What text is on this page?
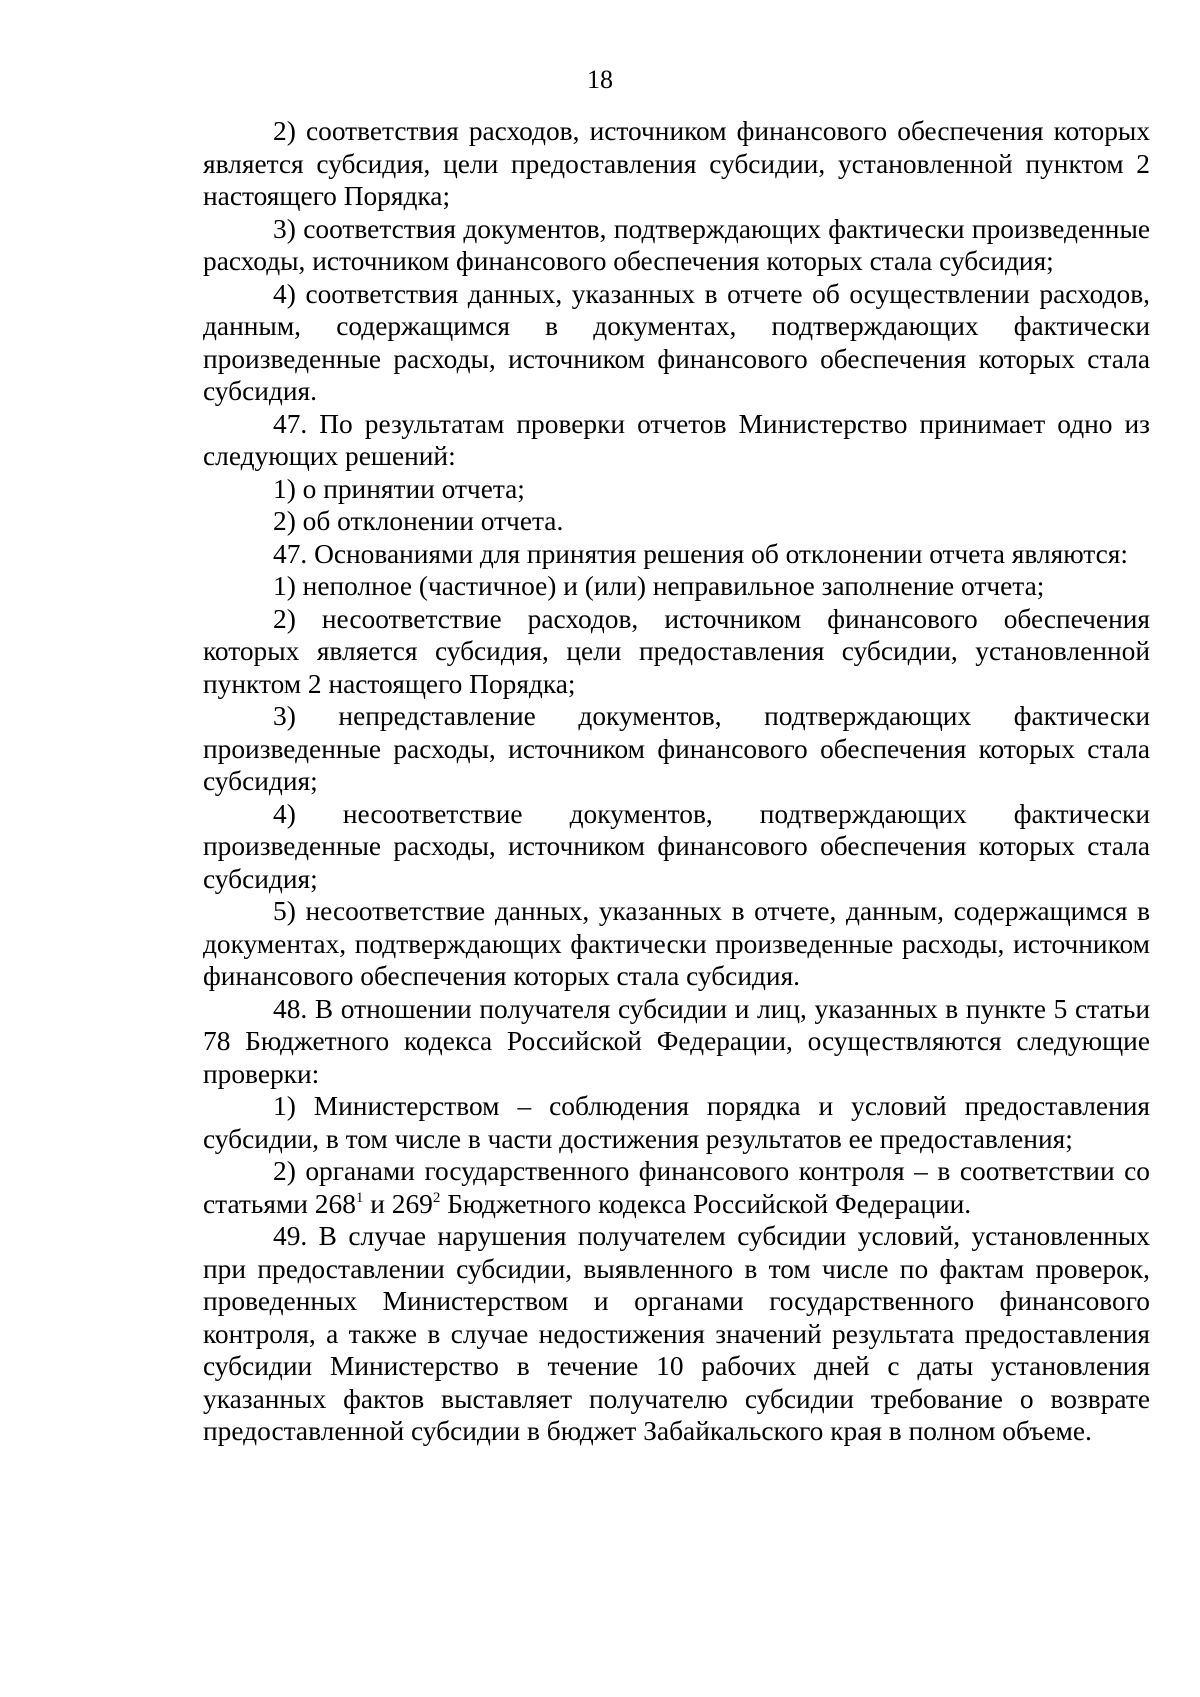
18

2) соответствия расходов, источником финансового обеспечения которых является субсидия, цели предоставления субсидии, установленной пунктом 2 настоящего Порядка;

3) соответствия документов, подтверждающих фактически произведенные расходы, источником финансового обеспечения которых стала субсидия;

4) соответствия данных, указанных в отчете об осуществлении расходов, данным, содержащимся в документах, подтверждающих фактически произведенные расходы, источником финансового обеспечения которых стала субсидия.

47. По результатам проверки отчетов Министерство принимает одно из следующих решений:

1) о принятии отчета;

2) об отклонении отчета.

47. Основаниями для принятия решения об отклонении отчета являются:

1) неполное (частичное) и (или) неправильное заполнение отчета;

2) несоответствие расходов, источником финансового обеспечения которых является субсидия, цели предоставления субсидии, установленной пунктом 2 настоящего Порядка;

3) непредставление документов, подтверждающих фактически произведенные расходы, источником финансового обеспечения которых стала субсидия;

4) несоответствие документов, подтверждающих фактически произведенные расходы, источником финансового обеспечения которых стала субсидия;

5) несоответствие данных, указанных в отчете, данным, содержащимся в документах, подтверждающих фактически произведенные расходы, источником финансового обеспечения которых стала субсидия.

48. В отношении получателя субсидии и лиц, указанных в пункте 5 статьи 78 Бюджетного кодекса Российской Федерации, осуществляются следующие проверки:

1) Министерством – соблюдения порядка и условий предоставления субсидии, в том числе в части достижения результатов ее предоставления;

2) органами государственного финансового контроля – в соответствии со статьями $268^1$ и $269^2$ Бюджетного кодекса Российской Федерации.

49. В случае нарушения получателем субсидии условий, установленных при предоставлении субсидии, выявленного в том числе по фактам проверок, проведенных Министерством и органами государственного финансового контроля, а также в случае недостижения значений результата предоставления субсидии Министерство в течение 10 рабочих дней с даты установления указанных фактов выставляет получателю субсидии требование о возврате предоставленной субсидии в бюджет Забайкальского края в полном объеме.
